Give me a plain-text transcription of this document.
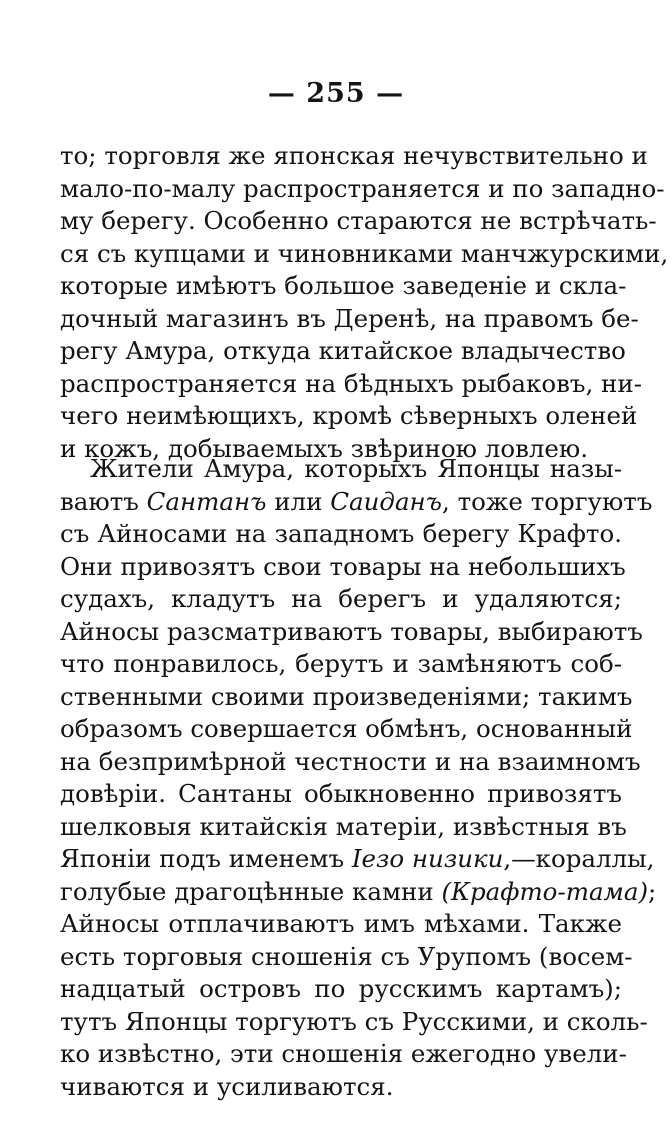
— 255 —
то; торговля же японская нечувствительно и
мало-по-малу распространяется и по западно-
му берегу. Особенно стараются не встрѣчать-
ся съ купцами и чиновниками манчжурскими,
которые имѣютъ большое заведеніе и скла-
дочный магазинъ въ Деренѣ, на правомъ бе-
регу Амура, откуда китайское владычество
распространяется на бѣдныхъ рыбаковъ, ни-
чего неимѣющихъ, кромѣ сѣверныхъ оленей
и кожъ, добываемыхъ звѣриною ловлею.
Жители Амура, которыхъ Японцы назы-
ваютъ Сантанъ или Саиданъ, тоже торгуютъ
съ Айносами на западномъ берегу Крафто.
Они привозятъ свои товары на небольшихъ
судахъ, кладутъ на берегъ и удаляются;
Айносы разсматриваютъ товары, выбираютъ
что понравилось, берутъ и замѣняютъ соб-
ственными своими произведеніями; такимъ
образомъ совершается обмѣнъ, основанный
на безпримѣрной честности и на взаимномъ
довѣріи. Сантаны обыкновенно привозятъ
шелковыя китайскія матеріи, извѣстныя въ
Японіи подъ именемъ Іезо низики,—кораллы,
голубые драгоцѣнные камни (Крафто-тама);
Айносы отплачиваютъ имъ мѣхами. Также
есть торговыя сношенія съ Урупомъ (восем-
надцатый островъ по русскимъ картамъ);
тутъ Японцы торгуютъ съ Русскими, и сколь-
ко извѣстно, эти сношенія ежегодно увели-
чиваются и усиливаются.
